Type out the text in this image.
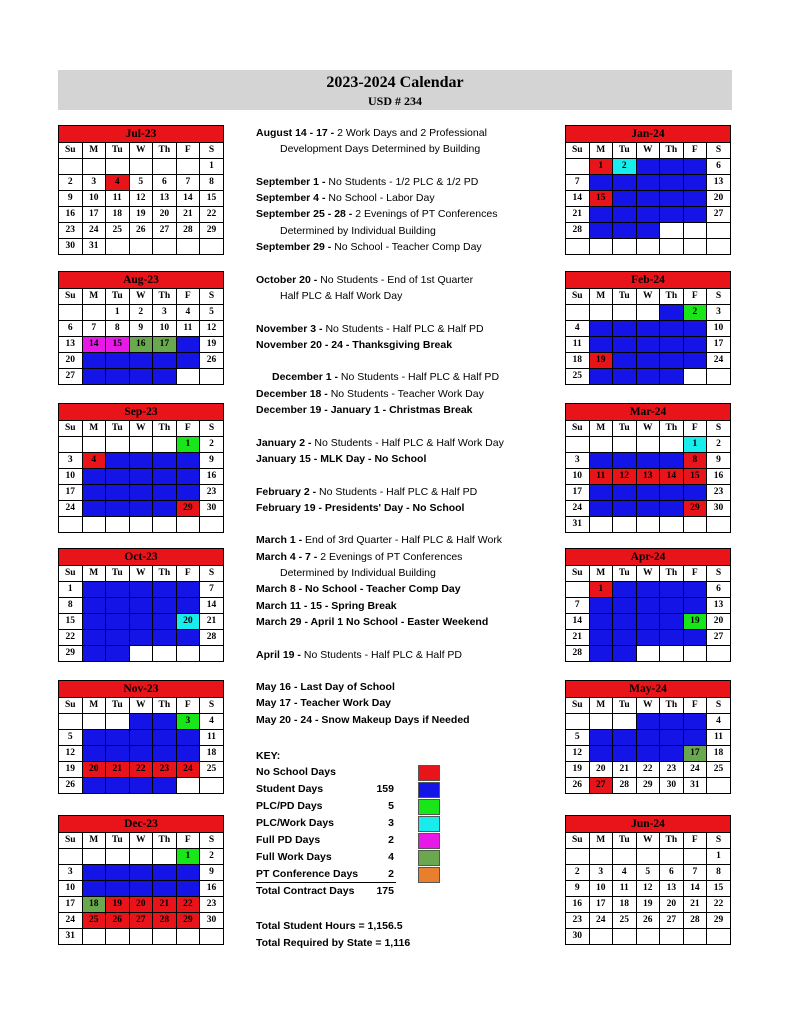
2023-2024 Calendar
USD # 234
Jul-23						
Su	M	Tu	W	Th	F	S
						1
2	3	4	5	6	7	8
9	10	11	12	13	14	15
16	17	18	19	20	21	22
23	24	25	26	27	28	29
30	31					
Aug-23						
Su	M	Tu	W	Th	F	S
		1	2	3	4	5
6	7	8	9	10	11	12
13	14	15	16	17	18	19
20	21	22	23	24	25	26
27	28	29	30	31		
Sep-23						
Su	M	Tu	W	Th	F	S
					1	2
3	4	5	6	7	8	9
10	11	12	13	14	15	16
17	18	19	20	21	22	23
24	25	26	27	28	29	30

Oct-23						
Su	M	Tu	W	Th	F	S
1	2	3	4	5	6	7
8	9	10	11	12	13	14
15	16	17	18	19	20	21
22	23	24	25	26	27	28
29	30	31				
Nov-23						
Su	M	Tu	W	Th	F	S
			1	2	3	4
5	6	7	8	9	10	11
12	13	14	15	16	17	18
19	20	21	22	23	24	25
26	27	28	29	30		
Dec-23						
Su	M	Tu	W	Th	F	S
					1	2
3	4	5	6	7	8	9
10	11	12	13	14	15	16
17	18	19	20	21	22	23
24	25	26	27	28	29	30
31						
Jan-24						
Su	M	Tu	W	Th	F	S
	1	2	3	4	5	6
7	8	9	10	11	12	13
14	15	16	17	18	19	20
21	22	23	24	25	26	27
28	29	30	31			

Feb-24						
Su	M	Tu	W	Th	F	S
				1	2	3
4	5	6	7	8	9	10
11	12	13	14	15	16	17
18	19	20	21	22	23	24
25	26	27	28	29		
Mar-24						
Su	M	Tu	W	Th	F	S
					1	2
3	4	5	6	7	8	9
10	11	12	13	14	15	16
17	18	19	20	21	22	23
24	25	26	27	28	29	30
31						
Apr-24						
Su	M	Tu	W	Th	F	S
	1	2	3	4	5	6
7	8	9	10	11	12	13
14	15	16	17	18	19	20
21	22	23	24	25	26	27
28	29	30				
May-24						
Su	M	Tu	W	Th	F	S
			1	2	3	4
5	6	7	8	9	10	11
12	13	14	15	16	17	18
19	20	21	22	23	24	25
26	27	28	29	30	31	
Jun-24						
Su	M	Tu	W	Th	F	S
						1
2	3	4	5	6	7	8
9	10	11	12	13	14	15
16	17	18	19	20	21	22
23	24	25	26	27	28	29
30						
August 14 - 17 - 2 Work Days and 2 Professional
Development Days Determined by Building
September 1 - No Students - 1/2 PLC & 1/2 PD
September 4 - No School - Labor Day
September 25 - 28 - 2 Evenings of PT Conferences
Determined by Individual Building
September 29 - No School - Teacher Comp Day
October 20 - No Students - End of 1st Quarter
Half PLC & Half Work Day
November 3 - No Students - Half PLC & Half PD
November 20 - 24 - Thanksgiving Break
December 1 - No Students - Half PLC & Half PD
December 18 - No Students - Teacher Work Day
December 19 - January 1 - Christmas Break
January 2 - No Students - Half PLC & Half Work Day
January 15 - MLK Day - No School
February 2 - No Students - Half PLC & Half PD
February 19 - Presidents' Day - No School
March 1 - End of 3rd Quarter - Half PLC & Half Work
March 4 - 7 - 2 Evenings of PT Conferences
Determined by Individual Building
March 8 - No School - Teacher Comp Day
March 11 - 15 - Spring Break
March 29 - April 1 No School - Easter Weekend
April 19 - No Students - Half PLC & Half PD
May 16 - Last Day of School
May 17 - Teacher Work Day
May 20 - 24 - Snow Makeup Days if Needed
KEY:
No School Days
Student Days	159
PLC/PD Days	5
PLC/Work Days	3
Full PD Days	2
Full Work Days	4
PT Conference Days	2
Total Contract Days	175
Total Student Hours = 1,156.5
Total Required by State = 1,116
